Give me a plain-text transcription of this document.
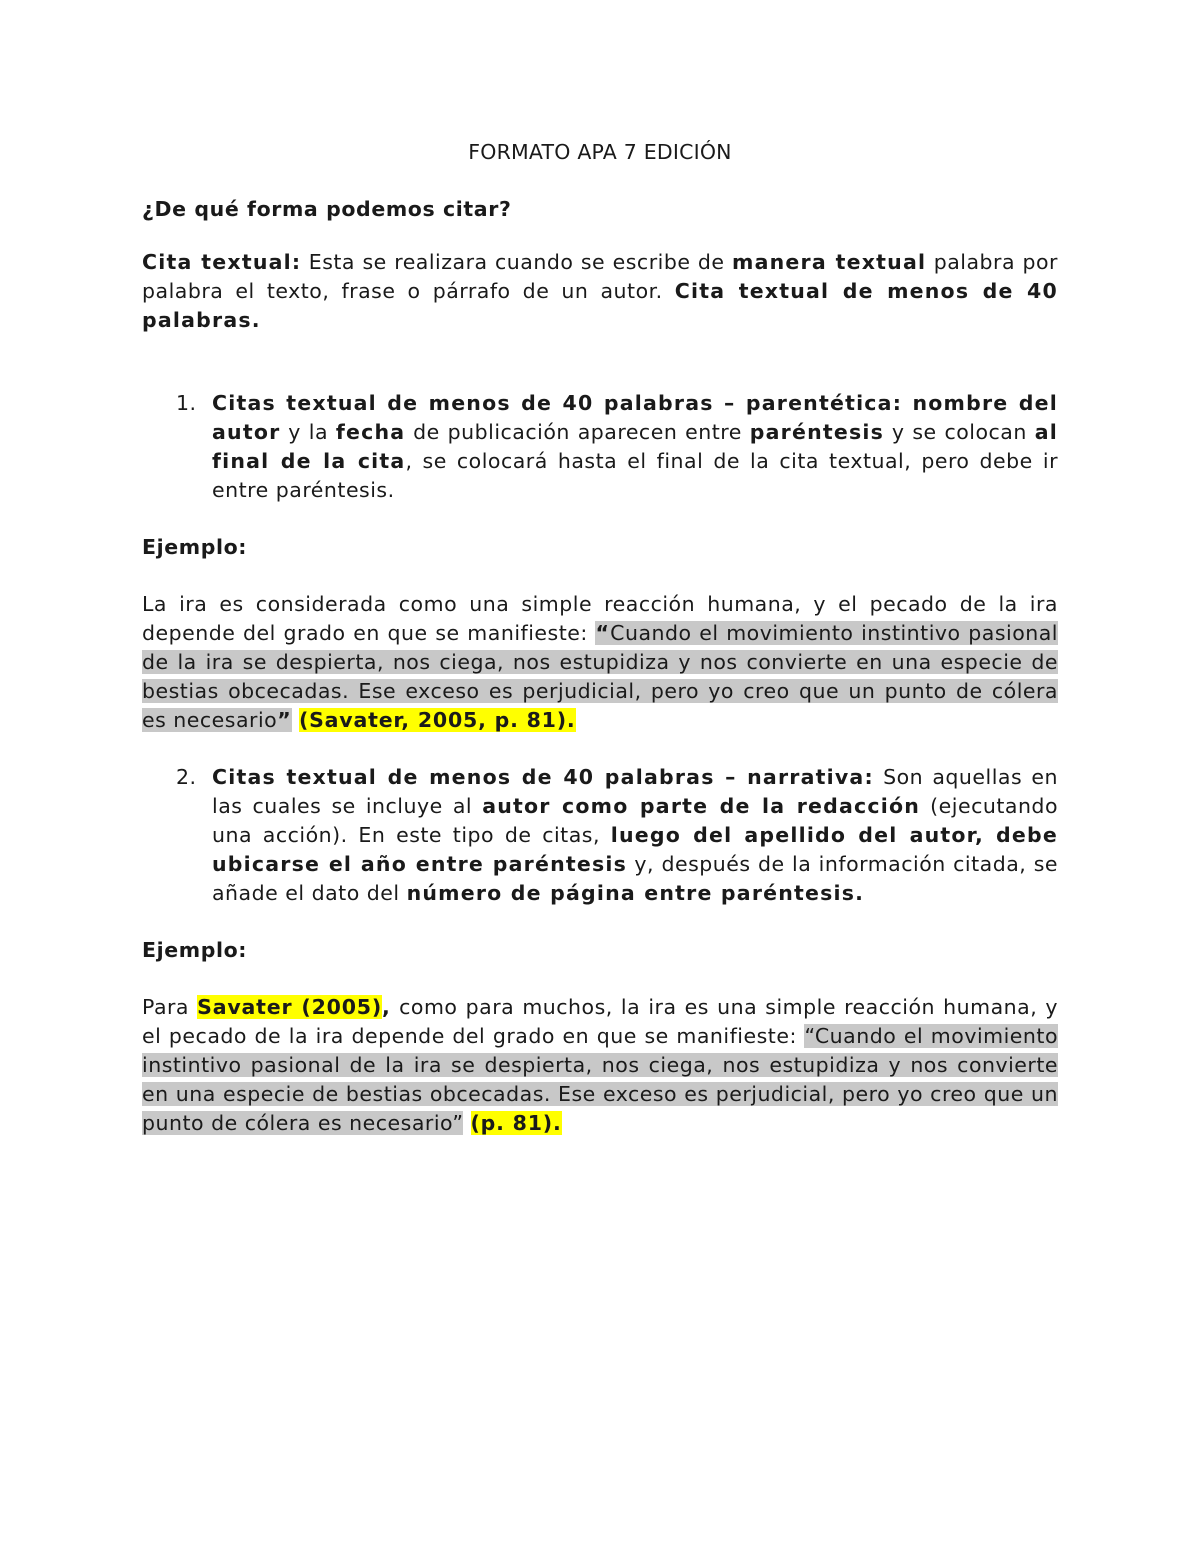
FORMATO APA 7 EDICIÓN
¿De qué forma podemos citar?

Cita textual: Esta se realizara cuando se escribe de manera textual palabra por palabra el texto, frase o párrafo de un autor. Cita textual de menos de 40 palabras.

1. Citas textual de menos de 40 palabras – parentética: nombre del autor y la fecha de publicación aparecen entre paréntesis y se colocan al final de la cita, se colocará hasta el final de la cita textual, pero debe ir entre paréntesis.
Ejemplo:

La ira es considerada como una simple reacción humana, y el pecado de la ira depende del grado en que se manifieste: “Cuando el movimiento instintivo pasional de la ira se despierta, nos ciega, nos estupidiza y nos convierte en una especie de bestias obcecadas. Ese exceso es perjudicial, pero yo creo que un punto de cólera es necesario” (Savater, 2005, p. 81).

2. Citas textual de menos de 40 palabras – narrativa: Son aquellas en las cuales se incluye al autor como parte de la redacción (ejecutando una acción). En este tipo de citas, luego del apellido del autor, debe ubicarse el año entre paréntesis y, después de la información citada, se añade el dato del número de página entre paréntesis.
Ejemplo:

Para Savater (2005), como para muchos, la ira es una simple reacción humana, y el pecado de la ira depende del grado en que se manifieste: “Cuando el movimiento instintivo pasional de la ira se despierta, nos ciega, nos estupidiza y nos convierte en una especie de bestias obcecadas. Ese exceso es perjudicial, pero yo creo que un punto de cólera es necesario” (p. 81).
